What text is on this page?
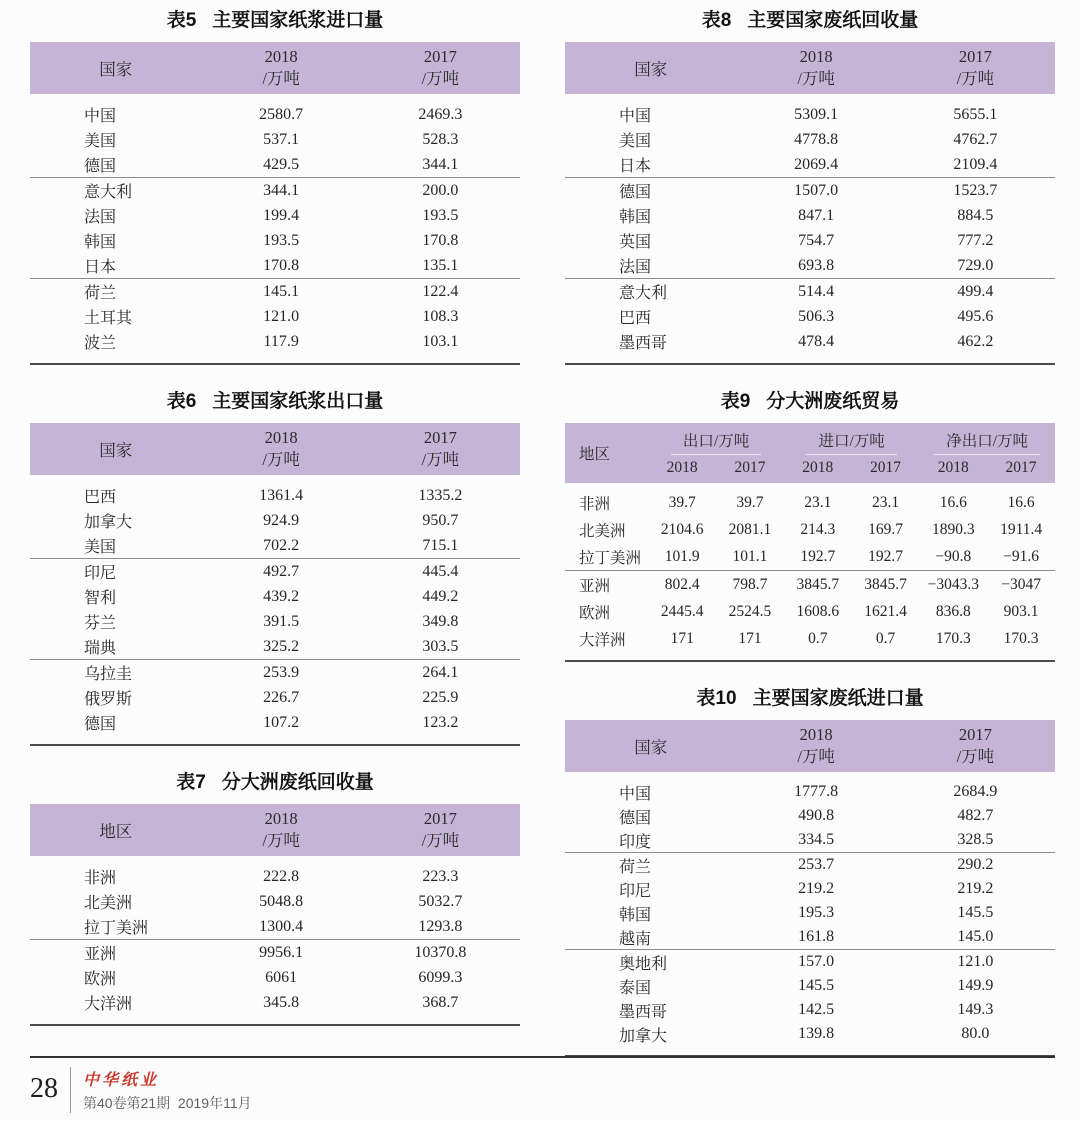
表5 主要国家纸浆进口量
国家
2018
/万吨
2017
/万吨
中国	2580.7	2469.3
美国	537.1	528.3
德国	429.5	344.1
意大利	344.1	200.0
法国	199.4	193.5
韩国	193.5	170.8
日本	170.8	135.1
荷兰	145.1	122.4
土耳其	121.0	108.3
波兰	117.9	103.1
表6 主要国家纸浆出口量
国家
2018
/万吨
2017
/万吨
巴西	1361.4	1335.2
加拿大	924.9	950.7
美国	702.2	715.1
印尼	492.7	445.4
智利	439.2	449.2
芬兰	391.5	349.8
瑞典	325.2	303.5
乌拉圭	253.9	264.1
俄罗斯	226.7	225.9
德国	107.2	123.2
表7 分大洲废纸回收量
地区
2018
/万吨
2017
/万吨
非洲	222.8	223.3
北美洲	5048.8	5032.7
拉丁美洲	1300.4	1293.8
亚洲	9956.1	10370.8
欧洲	6061	6099.3
大洋洲	345.8	368.7
表8 主要国家废纸回收量
国家
2018
/万吨
2017
/万吨
中国	5309.1	5655.1
美国	4778.8	4762.7
日本	2069.4	2109.4
德国	1507.0	1523.7
韩国	847.1	884.5
英国	754.7	777.2
法国	693.8	729.0
意大利	514.4	499.4
巴西	506.3	495.6
墨西哥	478.4	462.2
表9 分大洲废纸贸易
地区
出口/万吨	进口/万吨	净出口/万吨
2018	2017	2018	2017	2018	2017
非洲	39.7	39.7	23.1	23.1	16.6	16.6
北美洲	2104.6	2081.1	214.3	169.7	1890.3	1911.4
拉丁美洲	101.9	101.1	192.7	192.7	−90.8	−91.6
亚洲	802.4	798.7	3845.7	3845.7	−3043.3	−3047
欧洲	2445.4	2524.5	1608.6	1621.4	836.8	903.1
大洋洲	171	171	0.7	0.7	170.3	170.3
表10 主要国家废纸进口量
国家
2018
/万吨
2017
/万吨
中国	1777.8	2684.9
德国	490.8	482.7
印度	334.5	328.5
荷兰	253.7	290.2
印尼	219.2	219.2
韩国	195.3	145.5
越南	161.8	145.0
奥地利	157.0	121.0
泰国	145.5	149.9
墨西哥	142.5	149.3
加拿大	139.8	80.0
28 中华纸业
第40卷第21期  2019年11月
